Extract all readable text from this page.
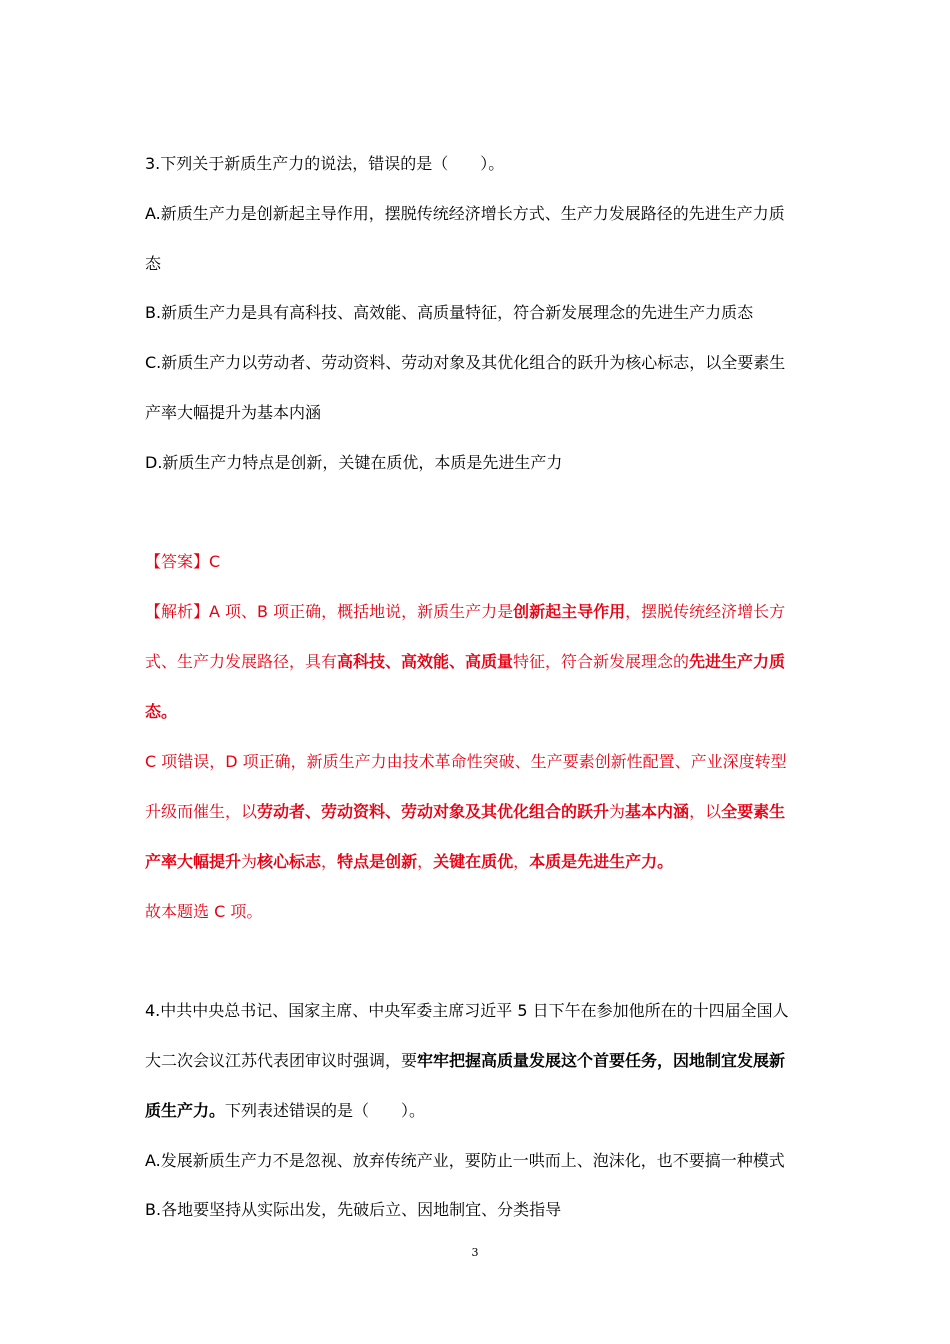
3.下列关于新质生产力的说法，错误的是（　　）。
A.新质生产力是创新起主导作用，摆脱传统经济增长方式、生产力发展路径的先进生产力质
态
B.新质生产力是具有高科技、高效能、高质量特征，符合新发展理念的先进生产力质态
C.新质生产力以劳动者、劳动资料、劳动对象及其优化组合的跃升为核心标志，以全要素生
产率大幅提升为基本内涵
D.新质生产力特点是创新，关键在质优，本质是先进生产力
【答案】C
【解析】A 项、B 项正确，概括地说，新质生产力是创新起主导作用，摆脱传统经济增长方
式、生产力发展路径，具有高科技、高效能、高质量特征，符合新发展理念的先进生产力质
态。
C 项错误，D 项正确，新质生产力由技术革命性突破、生产要素创新性配置、产业深度转型
升级而催生，以劳动者、劳动资料、劳动对象及其优化组合的跃升为基本内涵，以全要素生
产率大幅提升为核心标志，特点是创新，关键在质优，本质是先进生产力。
故本题选 C 项。
4.中共中央总书记、国家主席、中央军委主席习近平 5 日下午在参加他所在的十四届全国人
大二次会议江苏代表团审议时强调，要牢牢把握高质量发展这个首要任务，因地制宜发展新
质生产力。下列表述错误的是（　　）。
A.发展新质生产力不是忽视、放弃传统产业，要防止一哄而上、泡沫化，也不要搞一种模式
B.各地要坚持从实际出发，先破后立、因地制宜、分类指导
3
